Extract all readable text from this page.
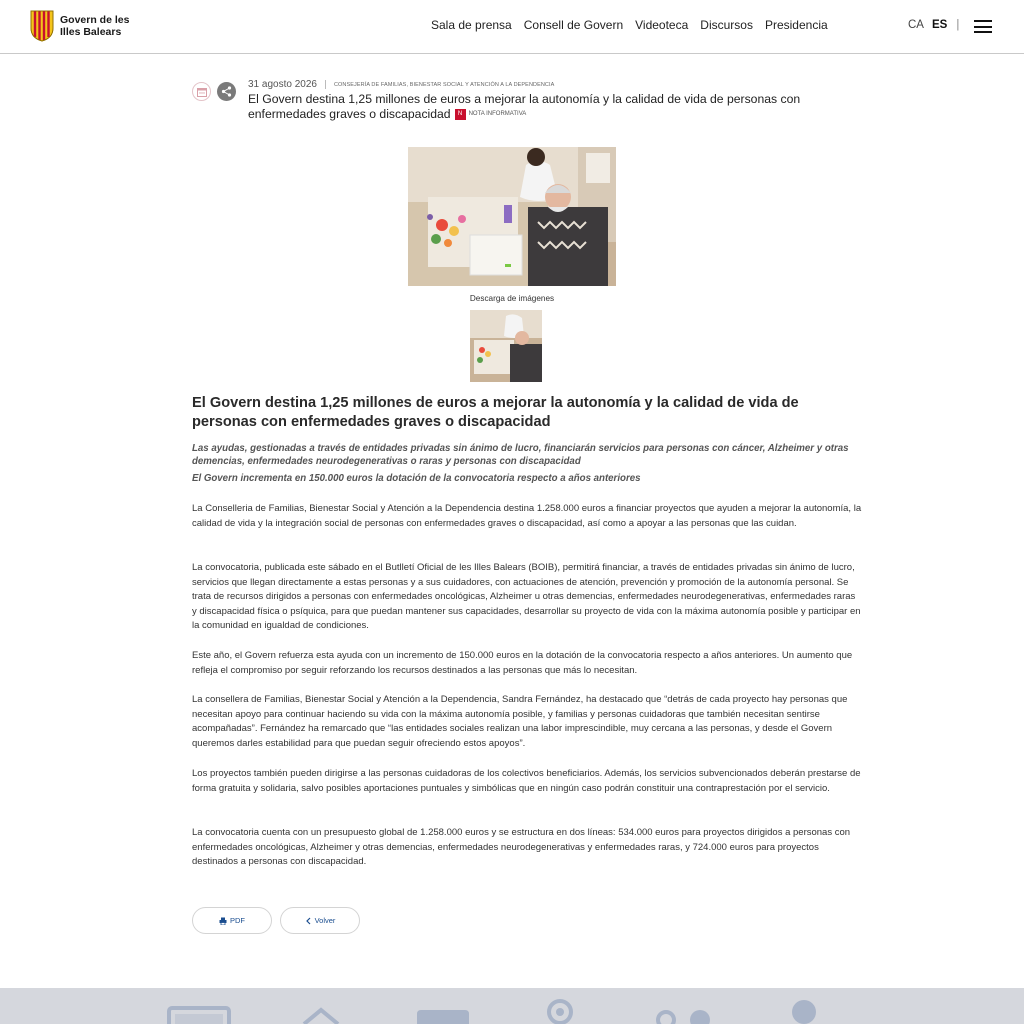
Govern de les
Illes Balears	Sala de prensa Consell de Govern Videoteca Discursos Presidencia	CA ES |
31 agosto 2026	CONSEJERÍA DE FAMILIAS, BIENESTAR SOCIAL Y ATENCIÓN A LA DEPENDENCIA
El Govern destina 1,25 millones de euros a mejorar la autonomía y la calidad de vida de personas con enfermedades graves o discapacidad N NOTA INFORMATIVA
Descarga de imágenes
El Govern destina 1,25 millones de euros a mejorar la autonomía y la calidad de vida de personas con enfermedades graves o discapacidad

Las ayudas, gestionadas a través de entidades privadas sin ánimo de lucro, financiarán servicios para personas con cáncer, Alzheimer y otras demencias, enfermedades neurodegenerativas o raras y personas con discapacidad

El Govern incrementa en 150.000 euros la dotación de la convocatoria respecto a años anteriores

La Conselleria de Familias, Bienestar Social y Atención a la Dependencia destina 1.258.000 euros a financiar proyectos que ayuden a mejorar la autonomía, la calidad de vida y la integración social de personas con enfermedades graves o discapacidad, así como a apoyar a las personas que las cuidan.

La convocatoria, publicada este sábado en el Butlletí Oficial de les Illes Balears (BOIB), permitirá financiar, a través de entidades privadas sin ánimo de lucro, servicios que llegan directamente a estas personas y a sus cuidadores, con actuaciones de atención, prevención y promoción de la autonomía personal. Se trata de recursos dirigidos a personas con enfermedades oncológicas, Alzheimer u otras demencias, enfermedades neurodegenerativas, enfermedades raras y discapacidad física o psíquica, para que puedan mantener sus capacidades, desarrollar su proyecto de vida con la máxima autonomía posible y participar en la comunidad en igualdad de condiciones.

Este año, el Govern refuerza esta ayuda con un incremento de 150.000 euros en la dotación de la convocatoria respecto a años anteriores. Un aumento que refleja el compromiso por seguir reforzando los recursos destinados a las personas que más lo necesitan.

La consellera de Familias, Bienestar Social y Atención a la Dependencia, Sandra Fernández, ha destacado que “detrás de cada proyecto hay personas que necesitan apoyo para continuar haciendo su vida con la máxima autonomía posible, y familias y personas cuidadoras que también necesitan sentirse acompañadas”. Fernández ha remarcado que “las entidades sociales realizan una labor imprescindible, muy cercana a las personas, y desde el Govern queremos darles estabilidad para que puedan seguir ofreciendo estos apoyos”.

Los proyectos también pueden dirigirse a las personas cuidadoras de los colectivos beneficiarios. Además, los servicios subvencionados deberán prestarse de forma gratuita y solidaria, salvo posibles aportaciones puntuales y simbólicas que en ningún caso podrán constituir una contraprestación por el servicio.

La convocatoria cuenta con un presupuesto global de 1.258.000 euros y se estructura en dos líneas: 534.000 euros para proyectos dirigidos a personas con enfermedades oncológicas, Alzheimer y otras demencias, enfermedades neurodegenerativas y enfermedades raras, y 724.000 euros para proyectos destinados a personas con discapacidad.

PDF	Volver
